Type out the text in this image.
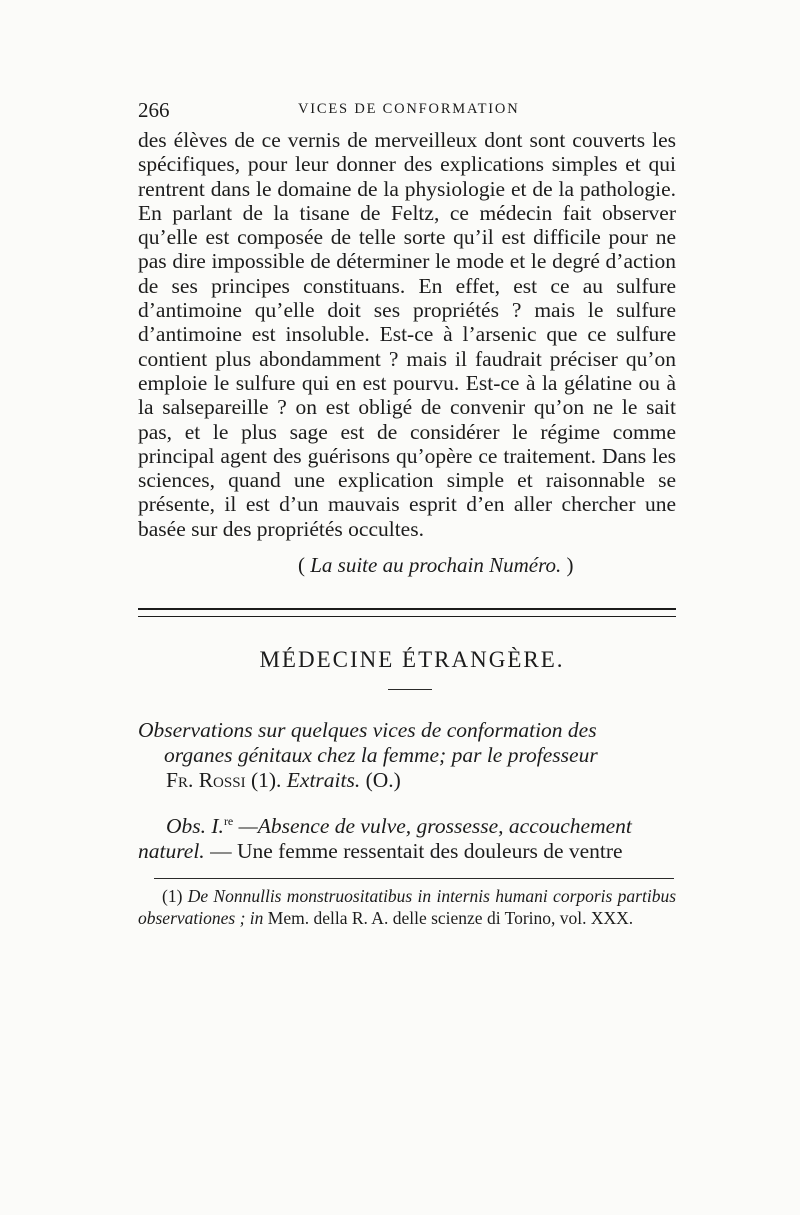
266	VICES DE CONFORMATION

des élèves de ce vernis de merveilleux dont sont couverts les spécifiques, pour leur donner des explications simples et qui rentrent dans le domaine de la physiologie et de la pathologie. En parlant de la tisane de Feltz, ce médecin fait observer qu’elle est composée de telle sorte qu’il est difficile pour ne pas dire impossible de déterminer le mode et le degré d’action de ses principes constituans. En effet, est ce au sulfure d’antimoine qu’elle doit ses propriétés ? mais le sulfure d’antimoine est insoluble. Est-ce à l’arsenic que ce sulfure contient plus abondamment ? mais il faudrait préciser qu’on emploie le sulfure qui en est pourvu. Est-ce à la gélatine ou à la salsepareille ? on est obligé de convenir qu’on ne le sait pas, et le plus sage est de considérer le régime comme principal agent des guérisons qu’opère ce traitement. Dans les sciences, quand une explication simple et raisonnable se présente, il est d’un mauvais esprit d’en aller chercher une basée sur des propriétés occultes.

( La suite au prochain Numéro. )
MÉDECINE ÉTRANGÈRE.
Observations sur quelques vices de conformation des
organes génitaux chez la femme; par le professeur
Fr. Rossi (1). Extraits. (O.)
Obs. I.$^{re}$ —Absence de vulve, grossesse, accouchement
naturel. — Une femme ressentait des douleurs de ventre
(1) De Nonnullis monstruositatibus in internis humani corporis partibus observationes ; in Mem. della R. A. delle scienze di Torino, vol. XXX.
